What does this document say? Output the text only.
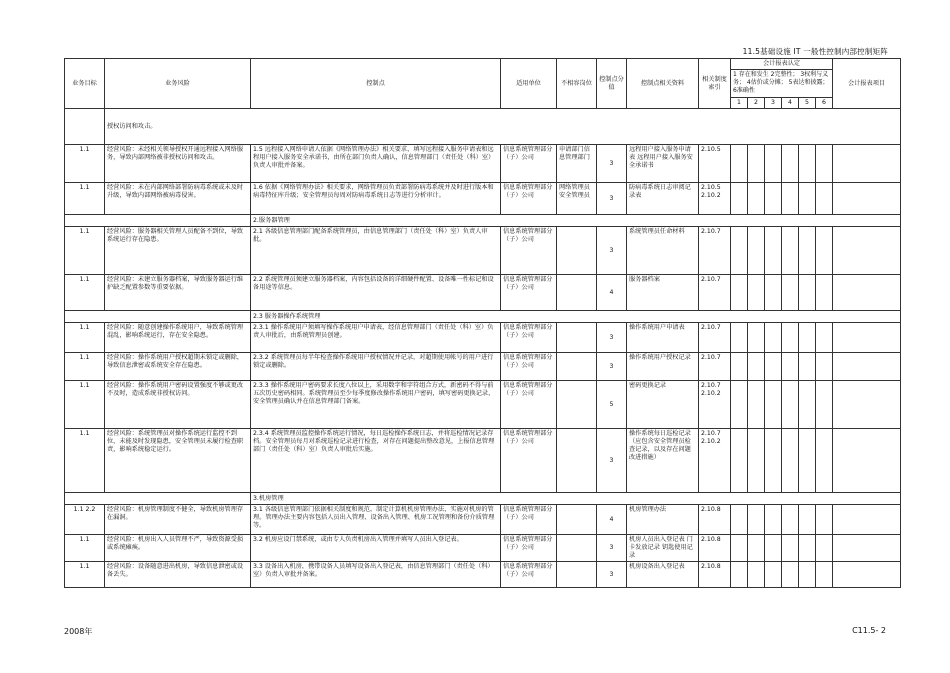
11.5基础设施 IT 一般性控制内部控制矩阵
业务目标	业务风险	控制点	适用单位	不相容岗位	控制点分值	控制点相关资料	相关制度索引	会计报表认定						会计报表项目
								1 存在和发生 2完整性； 3权利与义务； 4估价或分摊； 5表达和披露； 6准确性						
								1	2	3	4	5	6	
	授权访问和攻击。													
1.1	经营风险：未经相关领导授权开通远程接入网络服务，导致内部网络被非授权访问和攻击。	1.5 远程接入网络申请人依据《网络管理办法》相关要求，填写远程接入服务申请表和远程用户接入服务安全承诺书，由所在部门负责人确认，信息管理部门（责任处（科）室）负责人审批并备案。	信息系统管理部分（子）公司	申请部门信息管理部门	3	远程用户接入服务申请表 远程用户接入服务安全承诺书	2.10.5							
1.1	经营风险：未在内部网络部署防病毒系统或未及时升级，导致内部网络被病毒侵害。	1.6 依据《网络管理办法》相关要求，网络管理员负责部署防病毒系统并及时进行版本和病毒特征库升级；安全管理员每周对防病毒系统日志等进行分析审计。	信息系统管理部分（子）公司	网络管理员安全管理员	3	防病毒系统日志审阅记录表	2.10.5 2.10.2							
		2.服务器管理												
1.1	经营风险：服务器相关管理人员配备不到位，导致系统运行存在隐患。	2.1 各级信息管理部门配备系统管理员，由信息管理部门（责任处（科）室）负责人审批。	信息系统管理部分（子）公司		3	系统管理员任命材料	2.10.7							
1.1	经营风险：未建立服务器档案，导致服务器运行维护缺乏配置参数等重要依据。	2.2 系统管理员须建立服务器档案，内容包括设备的详细硬件配置、设备唯一性标记和设备用途等信息。	信息系统管理部分（子）公司		4	服务器档案	2.10.7							
		2.3 服务器操作系统管理												
1.1	经营风险：随意创建操作系统用户，导致系统管理混乱，影响系统运行，存在安全隐患。	2.3.1 操作系统用户须填写操作系统用户申请表，经信息管理部门（责任处（科）室）负责人审批后，由系统管理员创建。	信息系统管理部分（子）公司		3	操作系统用户申请表	2.10.7							
1.1	经营风险：操作系统用户授权超期未锁定或删除，导致信息泄密或系统安全存在隐患。	2.3.2 系统管理员每半年检查操作系统用户授权情况并记录，对超期使用帐号的用户进行锁定或删除。	信息系统管理部分（子）公司		3	操作系统用户授权记录	2.10.7							
1.1	经营风险：操作系统用户密码设置强度不够或更改不及时，造成系统非授权访问。	2.3.3 操作系统用户密码要求长度八位以上，采用数字和字符组合方式，新密码不得与前五次历史密码相同。系统管理员至少每季度修改操作系统用户密码，填写密码更换记录，安全管理员确认并在信息管理部门备案。	信息系统管理部分（子）公司		5	密码更换记录	2.10.7 2.10.2							
1.1	经营风险：系统管理员对操作系统运行监控不到位，未能及时发现隐患，安全管理员未履行检查职责，影响系统稳定运行。	2.3.4 系统管理员监控操作系统运行情况，每日巡检操作系统日志，并将巡检情况记录存档。安全管理员每月对系统巡检记录进行检查，对存在问题提出整改意见，上报信息管理部门（责任处（科）室）负责人审批后实施。	信息系统管理部分（子）公司		3	操作系统每日巡检记录（应包含安全管理员检查记录，以及存在问题改进措施）	2.10.7 2.10.2							
		3.机房管理												
1.1 2.2	经营风险：机房管理制度不健全，导致机房管理存在漏洞。	3.1 各级信息管理部门依据相关制度和规范，制定计算机机房管理办法，实施对机房的管理。管理办法主要内容包括人员出入管理、设备出入管理、机房工况管理和备份介质管理等。	信息系统管理部分（子）公司		4	机房管理办法	2.10.8							
1.1	经营风险：机房出入人员管理不严，导致资源受损或系统瘫痪。	3.2 机房应设门禁系统，或由专人负责机房出入管理并填写人员出入登记表。	信息系统管理部分（子）公司		3	机房人员出入登记表 门卡发放记录 钥匙使用记录	2.10.8							
1.1	经营风险：设备随意进出机房，导致信息泄密或设备丢失。	3.3 设备出入机房，携带设备人员填写设备出入登记表，由信息管理部门（责任处（科）室）负责人审批并备案。	信息系统管理部分（子）公司		3	机房设备出入登记表	2.10.8							
2008年	C11.5- 2
